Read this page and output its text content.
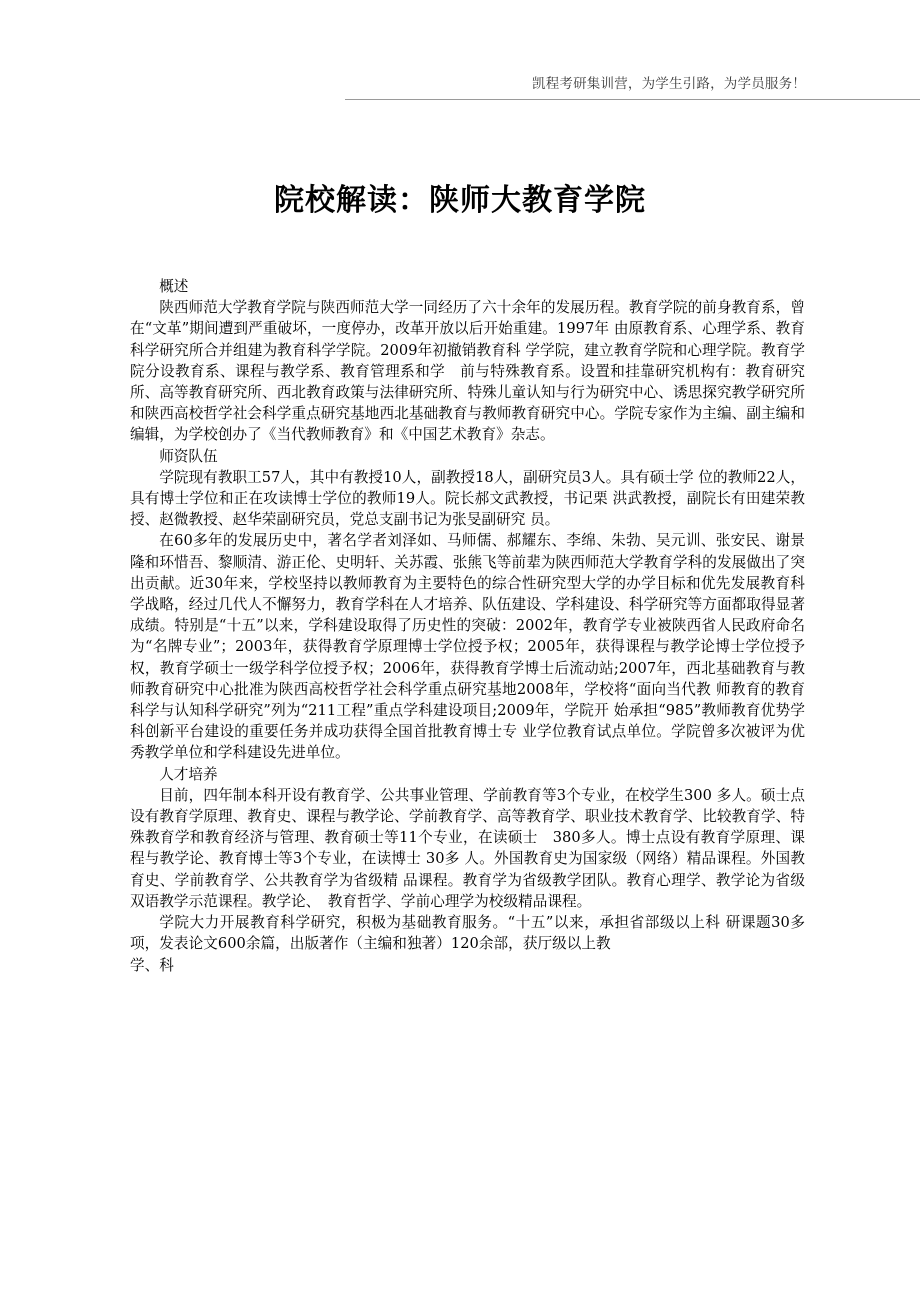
凯程考研集训营，为学生引路，为学员服务！
院校解读：陕师大教育学院

概述

陕西师范大学教育学院与陕西师范大学一同经历了六十余年的发展历程。教育学院的前身教育系，曾在“文革”期间遭到严重破坏，一度停办，改革开放以后开始重建。1997年 由原教育系、心理学系、教育科学研究所合并组建为教育科学学院。2009年初撤销教育科 学学院，建立教育学院和心理学院。教育学院分设教育系、课程与教学系、教育管理系和学　前与特殊教育系。设置和挂靠研究机构有：教育研究所、高等教育研究所、西北教育政策与法律研究所、特殊儿童认知与行为研究中心、诱思探究教学研究所和陕西高校哲学社会科学重点研究基地西北基础教育与教师教育研究中心。学院专家作为主编、副主编和编辑，为学校创办了《当代教师教育》和《中国艺术教育》杂志。

师资队伍

学院现有教职工57人，其中有教授10人，副教授18人，副研究员3人。具有硕士学 位的教师22人，具有博士学位和正在攻读博士学位的教师19人。院长郝文武教授，书记栗 洪武教授，副院长有田建荣教授、赵微教授、赵华荣副研究员，党总支副书记为张旻副研究 员。

在60多年的发展历史中，著名学者刘泽如、马师儒、郝耀东、李绵、朱勃、吴元训、张安民、谢景隆和环惜吾、黎顺清、游正伦、史明轩、关苏霞、张熊飞等前辈为陕西师范大学教育学科的发展做出了突出贡献。近30年来，学校坚持以教师教育为主要特色的综合性研究型大学的办学目标和优先发展教育科学战略，经过几代人不懈努力，教育学科在人才培养、队伍建设、学科建设、科学研究等方面都取得显著成绩。特别是“十五”以来，学科建设取得了历史性的突破：2002年，教育学专业被陕西省人民政府命名为“名牌专业”；2003年，获得教育学原理博士学位授予权；2005年，获得课程与教学论博士学位授予权，教育学硕士一级学科学位授予权；2006年，获得教育学博士后流动站;2007年，西北基础教育与教师教育研究中心批准为陕西高校哲学社会科学重点研究基地2008年，学校将“面向当代教 师教育的教育科学与认知科学研究”列为“211工程”重点学科建设项目;2009年，学院开 始承担“985”教师教育优势学科创新平台建设的重要任务并成功获得全国首批教育博士专 业学位教育试点单位。学院曾多次被评为优秀教学单位和学科建设先进单位。

人才培养

目前，四年制本科开设有教育学、公共事业管理、学前教育等3个专业，在校学生300 多人。硕士点设有教育学原理、教育史、课程与教学论、学前教育学、高等教育学、职业技术教育学、比较教育学、特殊教育学和教育经济与管理、教育硕士等11个专业，在读硕士　380多人。博士点设有教育学原理、课程与教学论、教育博士等3个专业，在读博士 30多 人。外国教育史为国家级（网络）精品课程。外国教育史、学前教育学、公共教育学为省级精 品课程。教育学为省级教学团队。教育心理学、教学论为省级双语教学示范课程。教学论、　教育哲学、学前心理学为校级精品课程。

学院大力开展教育科学研究，积极为基础教育服务。“十五”以来，承担省部级以上科 研课题30多项，发表论文600余篇，出版著作（主编和独著）120余部，获厅级以上教

学、科
